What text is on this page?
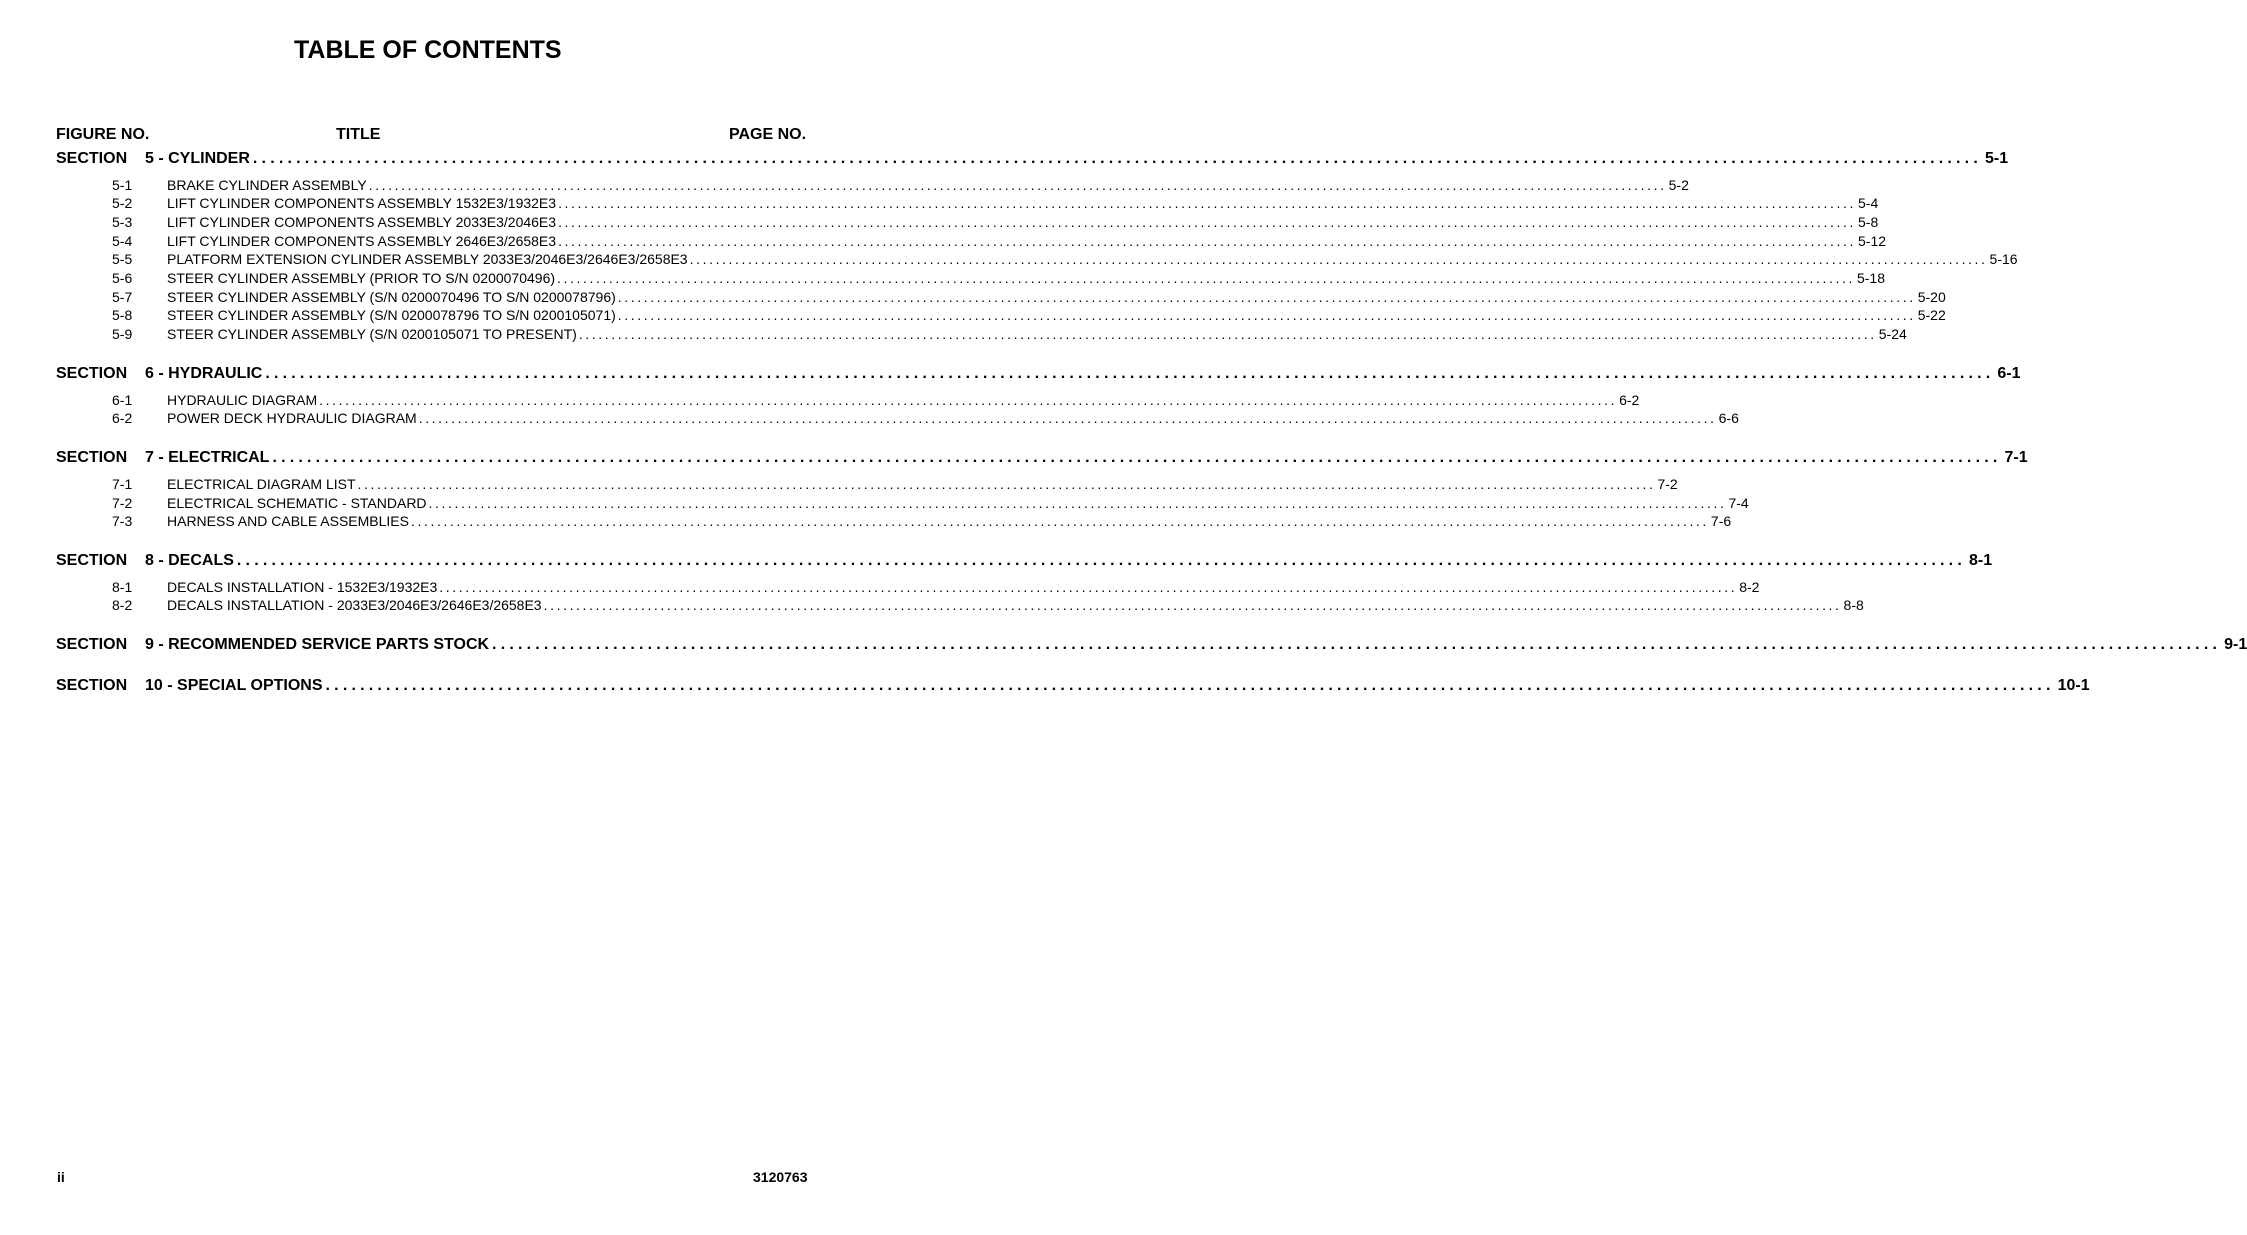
TABLE OF CONTENTS
FIGURE NO.	TITLE	PAGE NO.
SECTION	5 - CYLINDER ........................................................................................................................................................................................................ 5-1
5-1	BRAKE CYLINDER ASSEMBLY ........................................................................................................................................................................................................ 5-2
5-2	LIFT CYLINDER COMPONENTS ASSEMBLY 1532E3/1932E3 ........................................................................................................................................................................................................ 5-4
5-3	LIFT CYLINDER COMPONENTS ASSEMBLY 2033E3/2046E3 ........................................................................................................................................................................................................ 5-8
5-4	LIFT CYLINDER COMPONENTS ASSEMBLY 2646E3/2658E3 ........................................................................................................................................................................................................ 5-12
5-5	PLATFORM EXTENSION CYLINDER ASSEMBLY 2033E3/2046E3/2646E3/2658E3 ........................................................................................................................................................................................................ 5-16
5-6	STEER CYLINDER ASSEMBLY (PRIOR TO S/N 0200070496) ........................................................................................................................................................................................................ 5-18
5-7	STEER CYLINDER ASSEMBLY (S/N 0200070496 TO S/N 0200078796) ........................................................................................................................................................................................................ 5-20
5-8	STEER CYLINDER ASSEMBLY (S/N 0200078796 TO S/N 0200105071) ........................................................................................................................................................................................................ 5-22
5-9	STEER CYLINDER ASSEMBLY (S/N 0200105071 TO PRESENT) ........................................................................................................................................................................................................ 5-24
SECTION	6 - HYDRAULIC ........................................................................................................................................................................................................ 6-1
6-1	HYDRAULIC DIAGRAM ........................................................................................................................................................................................................ 6-2
6-2	POWER DECK HYDRAULIC DIAGRAM ........................................................................................................................................................................................................ 6-6
SECTION	7 - ELECTRICAL ........................................................................................................................................................................................................ 7-1
7-1	ELECTRICAL DIAGRAM LIST ........................................................................................................................................................................................................ 7-2
7-2	ELECTRICAL SCHEMATIC - STANDARD ........................................................................................................................................................................................................ 7-4
7-3	HARNESS AND CABLE ASSEMBLIES ........................................................................................................................................................................................................ 7-6
SECTION	8 - DECALS ........................................................................................................................................................................................................ 8-1
8-1	DECALS INSTALLATION - 1532E3/1932E3 ........................................................................................................................................................................................................ 8-2
8-2	DECALS INSTALLATION - 2033E3/2046E3/2646E3/2658E3 ........................................................................................................................................................................................................ 8-8
SECTION	9 - RECOMMENDED SERVICE PARTS STOCK ........................................................................................................................................................................................................ 9-1
SECTION	10 - SPECIAL OPTIONS ........................................................................................................................................................................................................ 10-1
ii	3120763
